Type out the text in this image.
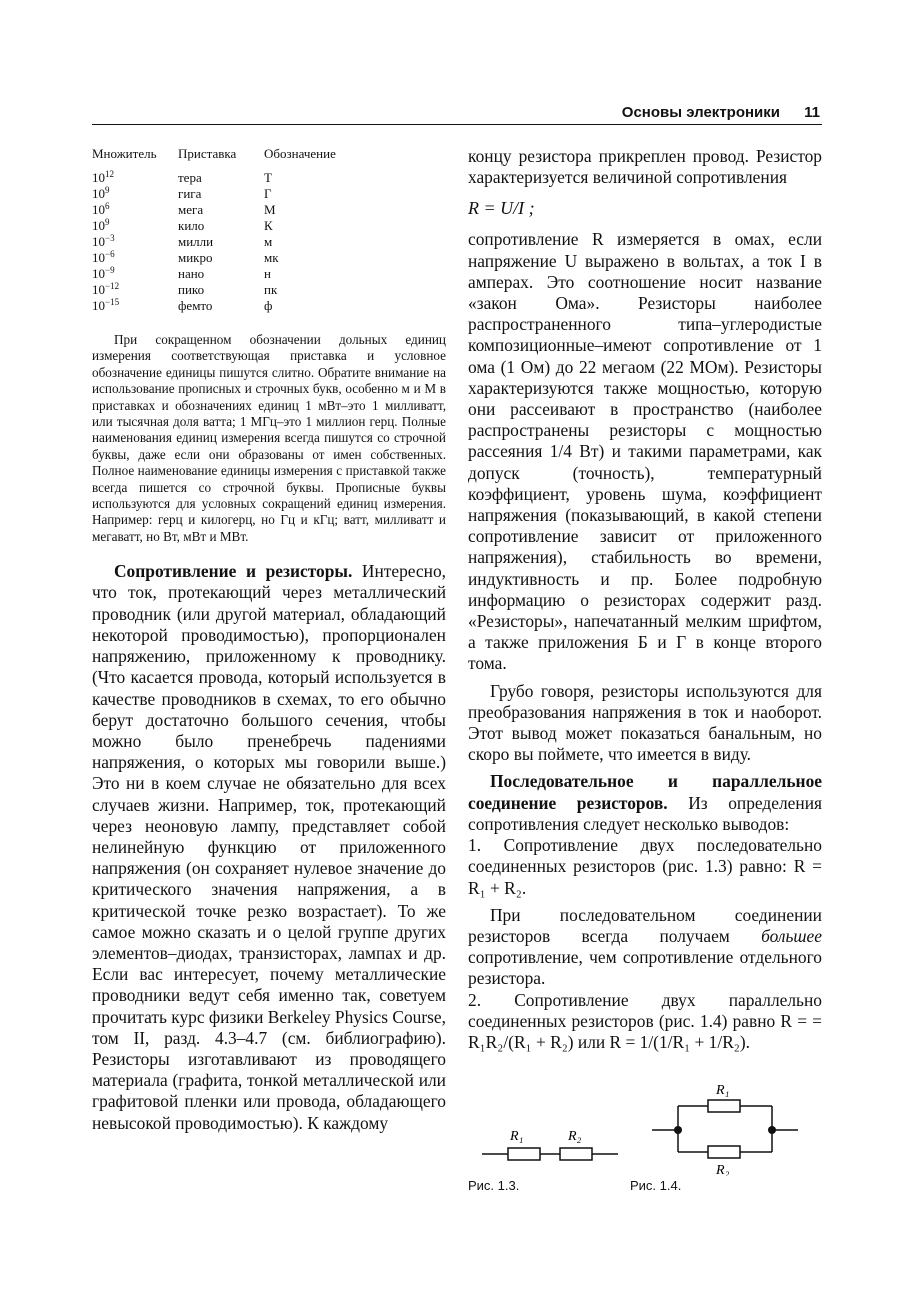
Основы электроники 11
Множитель	Приставка	Обозначение
$10^{12}$	тера	Т
$10^9$	гига	Г
$10^6$	мега	М
$10^9$	кило	К
$10^{-3}$	милли	м
$10^{-6}$	микро	мк
$10^{-9}$	нано	н
$10^{-12}$	пико	пк
$10^{-15}$	фемто	ф

При сокращенном обозначении дольных единиц измерения соответствующая приставка и условное обозначение единицы пишутся слитно. Обратите внимание на использование прописных и строчных букв, особенно м и М в приставках и обозначениях единиц 1 мВт–это 1 милливатт, или тысячная доля ватта; 1 МГц–это 1 миллион герц. Полные наименования единиц измерения всегда пишутся со строчной буквы, даже если они образованы от имен собственных. Полное наименование единицы измерения с приставкой также всегда пишется со строчной буквы. Прописные буквы используются для условных сокращений единиц измерения. Например: герц и килогерц, но Гц и кГц; ватт, милливатт и мегаватт, но Вт, мВт и МВт.

Сопротивление и резисторы. Интересно, что ток, протекающий через металлический проводник (или другой материал, обладающий некоторой проводимостью), пропорционален напряжению, приложенному к проводнику. (Что касается провода, который используется в качестве проводников в схемах, то его обычно берут достаточно большого сечения, чтобы можно было пренебречь падениями напряжения, о которых мы говорили выше.) Это ни в коем случае не обязательно для всех случаев жизни. Например, ток, протекающий через неоновую лампу, представляет собой нелинейную функцию от приложенного напряжения (он сохраняет нулевое значение до критического значения напряжения, а в критической точке резко возрастает). То же самое можно сказать и о целой группе других элементов–диодах, транзисторах, лампах и др. Если вас интересует, почему металлические проводники ведут себя именно так, советуем прочитать курс физики Berkeley Physics Course, том II, разд. 4.3–4.7 (см. библиографию). Резисторы изготавливают из проводящего материала (графита, тонкой металлической или графитовой пленки или провода, обладающего невысокой проводимостью). К каждому

концу резистора прикреплен провод. Резистор характеризуется величиной сопротивления

R = U/I ;

сопротивление R измеряется в омах, если напряжение U выражено в вольтах, а ток I в амперах. Это соотношение носит название «закон Ома». Резисторы наиболее распространенного типа–углеродистые композиционные–имеют сопротивление от 1 ома (1 Ом) до 22 мегаом (22 МОм). Резисторы характеризуются также мощностью, которую они рассеивают в пространство (наиболее распространены резисторы с мощностью рассеяния 1/4 Вт) и такими параметрами, как допуск (точность), температурный коэффициент, уровень шума, коэффициент напряжения (показывающий, в какой степени сопротивление зависит от приложенного напряжения), стабильность во времени, индуктивность и пр. Более подробную информацию о резисторах содержит разд. «Резисторы», напечатанный мелким шрифтом, а также приложения Б и Г в конце второго тома.

Грубо говоря, резисторы используются для преобразования напряжения в ток и наоборот. Этот вывод может показаться банальным, но скоро вы поймете, что имеется в виду.

Последовательное и параллельное соединение резисторов. Из определения сопротивления следует несколько выводов:

1. Сопротивление двух последовательно соединенных резисторов (рис. 1.3) равно: R = R₁ + R₂.

При последовательном соединении резисторов всегда получаем большее сопротивление, чем сопротивление отдельного резистора.

2. Сопротивление двух параллельно соединенных резисторов (рис. 1.4) равно R = = R₁R₂/(R₁ + R₂) или R = 1/(1/R₁ + 1/R₂).

R₁	R₂
Рис. 1.3.
R₁
R₂
Рис. 1.4.
